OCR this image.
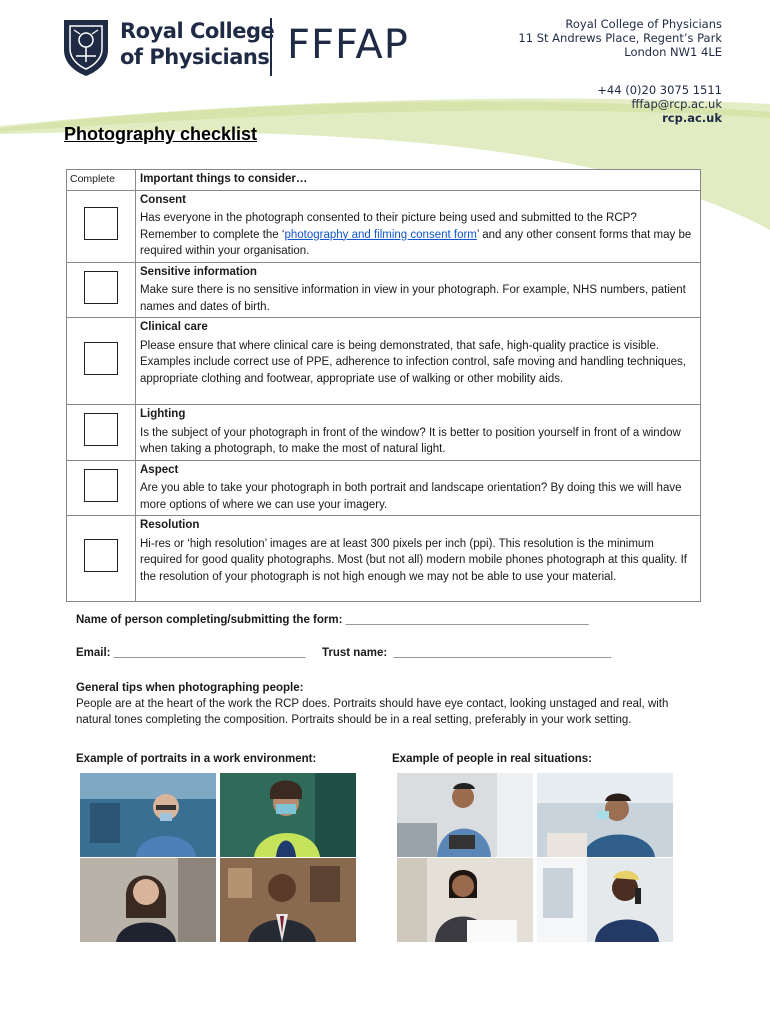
Royal College
of Physicians FFFAP	Royal College of Physicians
11 St Andrews Place, Regent’s Park
London NW1 4LE
+44 (0)20 3075 1511
fffap@rcp.ac.uk
rcp.ac.uk
Photography checklist
Complete	Important things to consider…

	Consent
Has everyone in the photograph consented to their picture being used and submitted to the RCP? Remember to complete the ‘photography and filming consent form’ and any other consent forms that may be required within your organisation.

	Sensitive information
Make sure there is no sensitive information in view in your photograph. For example, NHS numbers, patient names and dates of birth.

	Clinical care
Please ensure that where clinical care is being demonstrated, that safe, high-quality practice is visible. Examples include correct use of PPE, adherence to infection control, safe moving and handling techniques, appropriate clothing and footwear, appropriate use of walking or other mobility aids.

	Lighting
Is the subject of your photograph in front of the window? It is better to position yourself in front of a window when taking a photograph, to make the most of natural light.

	Aspect
Are you able to take your photograph in both portrait and landscape orientation? By doing this we will have more options of where we can use your imagery.

	Resolution
Hi-res or ‘high resolution’ images are at least 300 pixels per inch (ppi). This resolution is the minimum required for good quality photographs. Most (but not all) modern mobile phones photograph at this quality. If the resolution of your photograph is not high enough we may not be able to use your material.
Name of person completing/submitting the form: ______________________________________
Email: ______________________________ Trust name:  __________________________________
General tips when photographing people:
People are at the heart of the work the RCP does. Portraits should have eye contact, looking unstaged and real, with natural tones completing the composition. Portraits should be in a real setting, preferably in your work setting.
Example of portraits in a work environment:	Example of people in real situations:
